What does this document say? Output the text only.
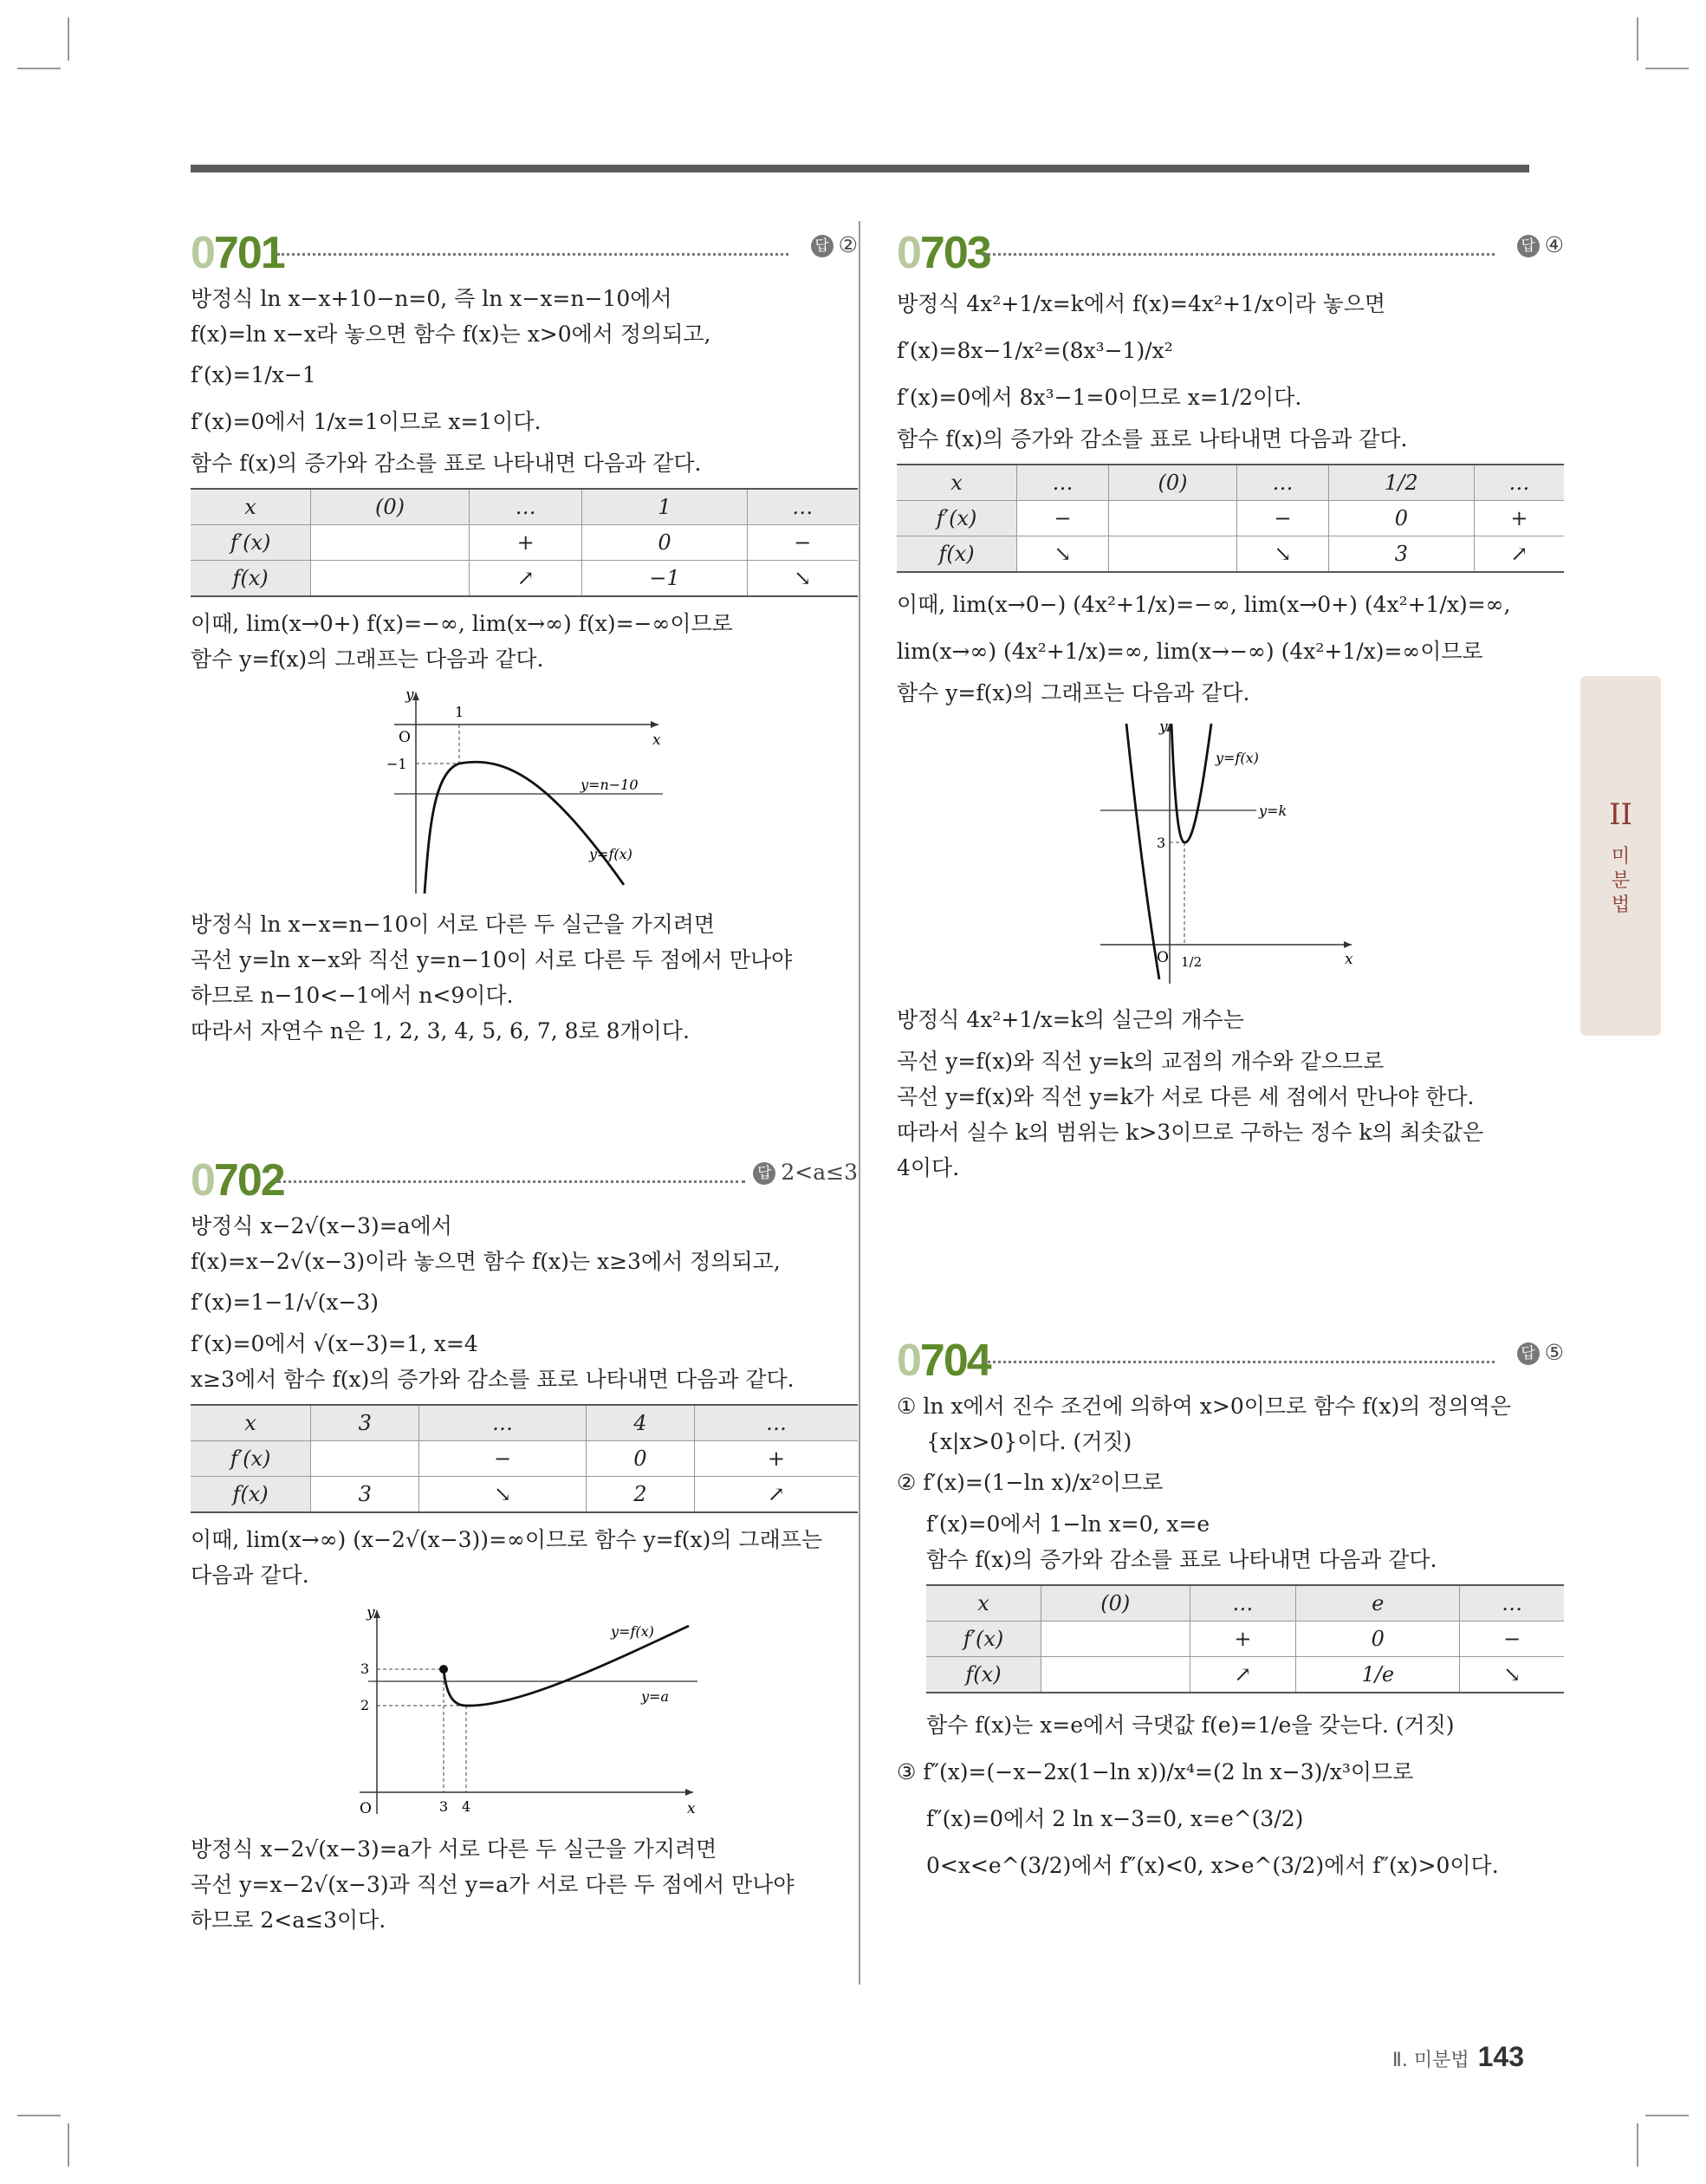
0701	답 ②
방정식 ln x−x+10−n=0, 즉 ln x−x=n−10에서
f(x)=ln x−x라 놓으면 함수 f(x)는 x>0에서 정의되고,
f′(x)=1/x−1
f′(x)=0에서 1/x=1이므로 x=1이다.
함수 f(x)의 증가와 감소를 표로 나타내면 다음과 같다.
x	(0)	…	1	…
f′(x)		+	0	−
f(x)		↗	−1	↘
이때, lim(x→0+) f(x)=−∞, lim(x→∞) f(x)=−∞이므로
함수 y=f(x)의 그래프는 다음과 같다.
y
x
O
1
−1
y=n−10
y=f(x)
방정식 ln x−x=n−10이 서로 다른 두 실근을 가지려면
곡선 y=ln x−x와 직선 y=n−10이 서로 다른 두 점에서 만나야
하므로 n−10<−1에서 n<9이다.
따라서 자연수 n은 1, 2, 3, 4, 5, 6, 7, 8로 8개이다.
0702	답 2<a≤3
방정식 x−2√(x−3)=a에서
f(x)=x−2√(x−3)이라 놓으면 함수 f(x)는 x≥3에서 정의되고,
f′(x)=1−1/√(x−3)
f′(x)=0에서 √(x−3)=1, x=4
x≥3에서 함수 f(x)의 증가와 감소를 표로 나타내면 다음과 같다.
x	3	…	4	…
f′(x)		−	0	+
f(x)	3	↘	2	↗
이때, lim(x→∞) (x−2√(x−3))=∞이므로 함수 y=f(x)의 그래프는
다음과 같다.
y
x
O
3
2
3 4
y=f(x)
y=a
방정식 x−2√(x−3)=a가 서로 다른 두 실근을 가지려면
곡선 y=x−2√(x−3)과 직선 y=a가 서로 다른 두 점에서 만나야
하므로 2<a≤3이다.
0703	답 ④
방정식 4x²+1/x=k에서 f(x)=4x²+1/x이라 놓으면
f′(x)=8x−1/x²=(8x³−1)/x²
f′(x)=0에서 8x³−1=0이므로 x=1/2이다.
함수 f(x)의 증가와 감소를 표로 나타내면 다음과 같다.
x	…	(0)	…	1/2	…
f′(x)	−		−	0	+
f(x)	↘		↘	3	↗
이때, lim(x→0−) (4x²+1/x)=−∞, lim(x→0+) (4x²+1/x)=∞,
lim(x→∞) (4x²+1/x)=∞, lim(x→−∞) (4x²+1/x)=∞이므로
함수 y=f(x)의 그래프는 다음과 같다.
y
x
O 1/2
3
y=f(x)
y=k
방정식 4x²+1/x=k의 실근의 개수는
곡선 y=f(x)와 직선 y=k의 교점의 개수와 같으므로
곡선 y=f(x)와 직선 y=k가 서로 다른 세 점에서 만나야 한다.
따라서 실수 k의 범위는 k>3이므로 구하는 정수 k의 최솟값은
4이다.
0704	답 ⑤
① ln x에서 진수 조건에 의하여 x>0이므로 함수 f(x)의 정의역은
{x|x>0}이다. (거짓)
② f′(x)=(1−ln x)/x²이므로
f′(x)=0에서 1−ln x=0, x=e
함수 f(x)의 증가와 감소를 표로 나타내면 다음과 같다.
x	(0)	…	e	…
f′(x)		+	0	−
f(x)		↗	1/e	↘
함수 f(x)는 x=e에서 극댓값 f(e)=1/e을 갖는다. (거짓)
③ f″(x)=(−x−2x(1−ln x))/x⁴=(2 ln x−3)/x³이므로
f″(x)=0에서 2 ln x−3=0, x=e^(3/2)
0<x<e^(3/2)에서 f″(x)<0, x>e^(3/2)에서 f″(x)>0이다.
II
미
분
법
Ⅱ. 미분법 143
